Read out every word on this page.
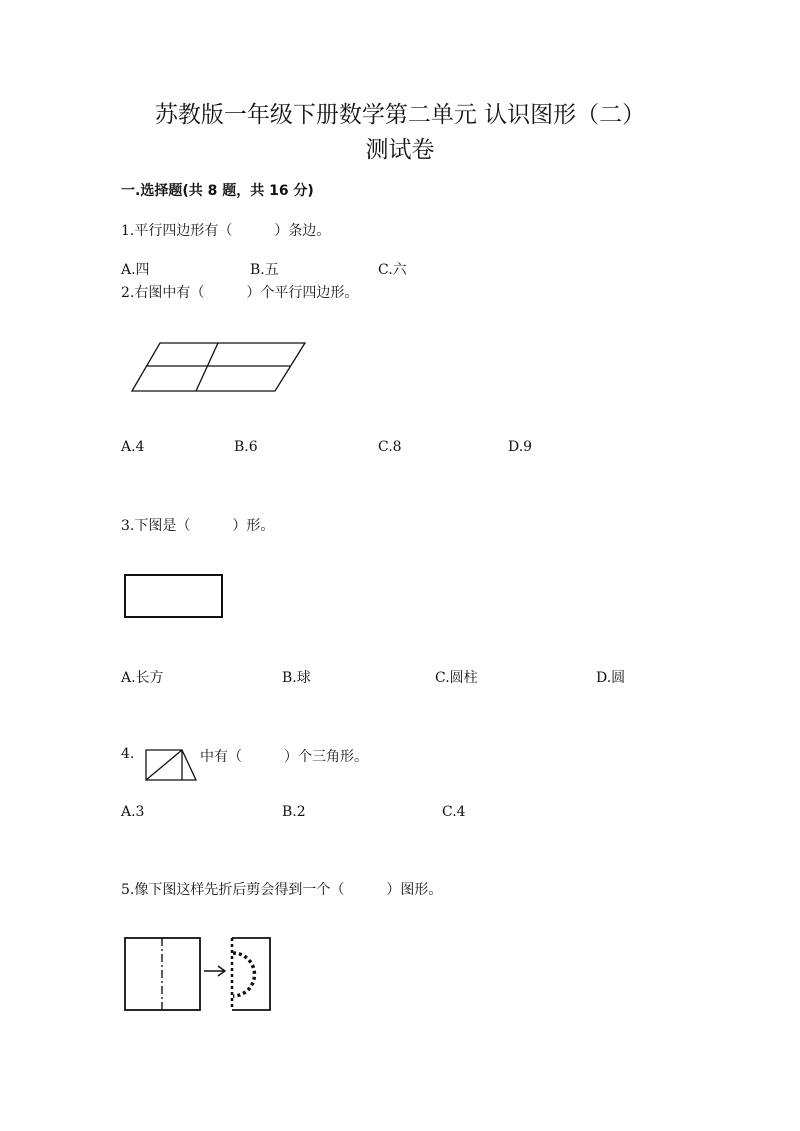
苏教版一年级下册数学第二单元 认识图形（二）
测试卷
一.选择题(共 8 题，共 16 分)
1.平行四边形有（　　　）条边。
A.四	B.五	C.六
2.右图中有（　　　）个平行四边形。
A.4	B.6	C.8	D.9
3.下图是（　　　）形。
A.长方	B.球	C.圆柱	D.圆
4.	中有（　　　）个三角形。
A.3	B.2	C.4
5.像下图这样先折后剪会得到一个（　　　）图形。
